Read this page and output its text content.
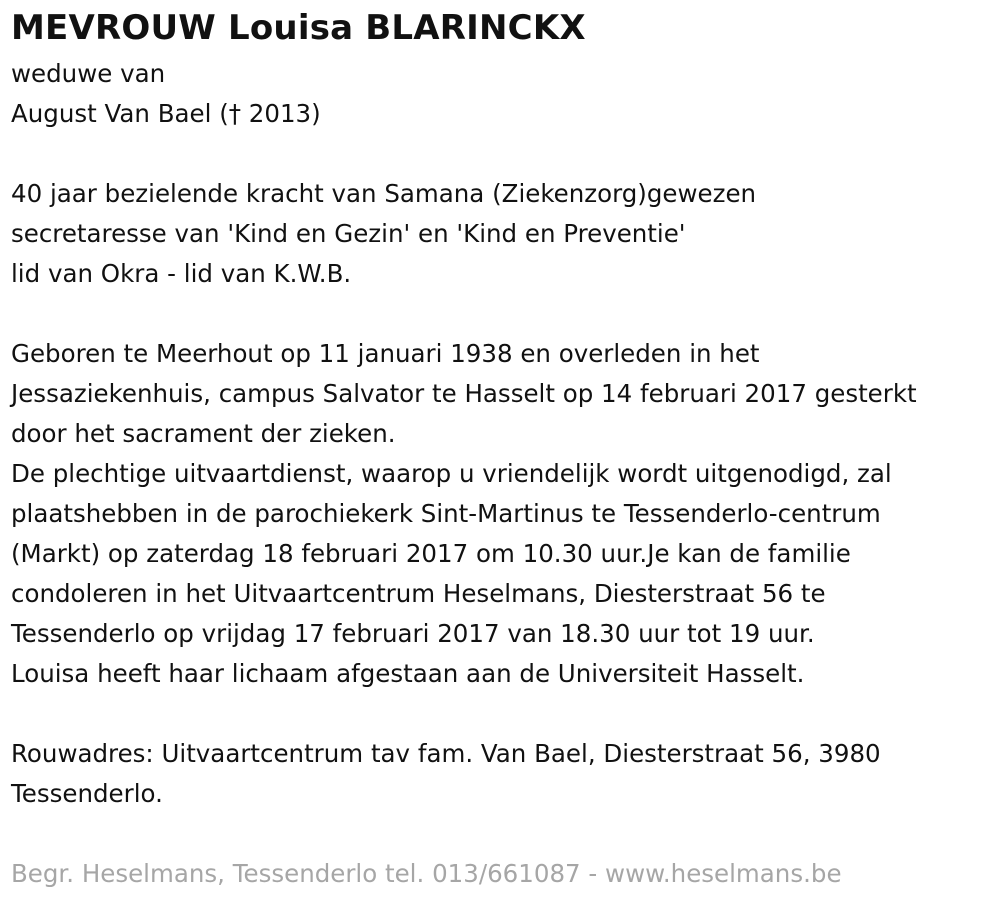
MEVROUW Louisa BLARINCKX
weduwe van
August Van Bael († 2013)
40 jaar bezielende kracht van Samana (Ziekenzorg)gewezen
secretaresse van 'Kind en Gezin' en 'Kind en Preventie'
lid van Okra - lid van K.W.B.
Geboren te Meerhout op 11 januari 1938 en overleden in het
Jessaziekenhuis, campus Salvator te Hasselt op 14 februari 2017 gesterkt
door het sacrament der zieken.
De plechtige uitvaartdienst, waarop u vriendelijk wordt uitgenodigd, zal
plaatshebben in de parochiekerk Sint-Martinus te Tessenderlo-centrum
(Markt) op zaterdag 18 februari 2017 om 10.30 uur.Je kan de familie
condoleren in het Uitvaartcentrum Heselmans, Diesterstraat 56 te
Tessenderlo op vrijdag 17 februari 2017 van 18.30 uur tot 19 uur.
Louisa heeft haar lichaam afgestaan aan de Universiteit Hasselt.
Rouwadres: Uitvaartcentrum tav fam. Van Bael, Diesterstraat 56, 3980
Tessenderlo.
Begr. Heselmans, Tessenderlo tel. 013/661087 - www.heselmans.be
